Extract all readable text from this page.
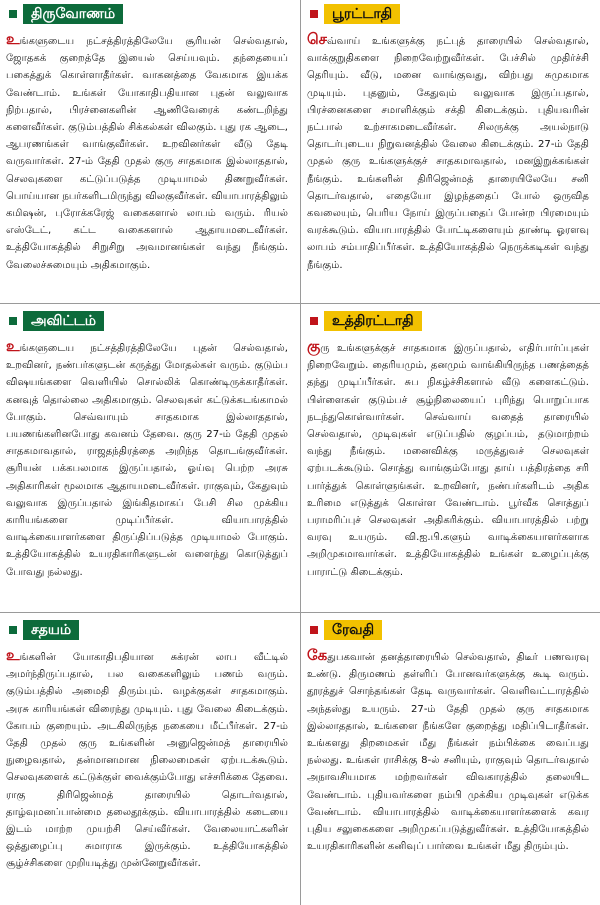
திருவோணம்

உங்களுடைய நட்சத்திரத்திலேயே சூரியன் செல்வதால், ஜோதகக் குறைத்தே இயைல் செய்யவும். தந்தையைப் பகைத்துக் கொள்ளாதீர்கள். வாகனத்தை வேகமாக இயக்க வேண்டாம். உங்கள் யோகாதிபதியான புதன் வலுவாக நிற்பதால், பிரச்னைகளின் ஆணிவேரைக் கண்டறிந்து களைவீர்கள். குடும்பத்தில் சிக்கல்கள் விலகும். புது ரக ஆடை, ஆபரணங்கள் வாங்குவீர்கள். உறவினர்கள் வீடு தேடி வருவார்கள். 27-ம் தேதி முதல் குரு சாதகமாக இல்லாததால், செலவுகளை கட்டுப்படுத்த முடியாமல் திணறுவீர்கள். பொய்யான நபர்களிடமிருந்து விலகுவீர்கள். வியாபாரத்திலும் கமிஷன், புரோக்கரேஜ் வகைகளால் லாபம் வரும். ரியல் எஸ்டேட், கட்ட வகைகளால் ஆதாயமடைவீர்கள். உத்தியோகத்தில் சிறுசிறு அவமானங்கள் வந்து நீங்கும். வேலைச்சுமையும் அதிகமாகும்.

பூரட்டாதி

செவ்வாய் உங்களுக்கு நட்புத் தாரையில் செல்வதால், வாக்குறுதிகளை நிறைவேற்றுவீர்கள். பேச்சில் முதிர்ச்சி தெரியும். வீடு, மனை வாங்குவது, விற்பது சுமுகமாக முடியும். புதனும், கேதுவும் வலுவாக இருப்பதால், பிரச்னைகளை சமாளிக்கும் சக்தி கிடைக்கும். புதியவரின் நட்பால் உற்சாகமடைவீர்கள். சிலருக்கு அயல்நாடு தொடர்புடைய நிறுவனத்தில் வேலை கிடைக்கும். 27-ம் தேதி முதல் குரு உங்களுக்குச் சாதகமாவதால், மனஇறுக்கங்கள் நீங்கும். உங்களின் திரிஜென்மத் தாரையிலேயே சனி தொடர்வதால், எதையோ இழந்ததைப் போல் ஒருவித கவலையும், பெரிய நோய் இருப்பதைப் போன்ற பிரமையும் வரக்கூடும். வியாபாரத்தில் போட்டிகளையும் தாண்டி ஓரளவு லாபம் சம்பாதிப்பீர்கள். உத்தியோகத்தில் நெருக்கடிகள் வந்து நீங்கும்.

அவிட்டம்

உங்களுடைய நட்சத்திரத்திலேயே புதன் செல்வதால், உறவினர், நண்பர்களுடன் கருத்து மோதல்கள் வரும். குடும்ப விஷயங்களை வெளியில் சொல்லிக் கொண்டிருக்காதீர்கள். கனவுத் தொல்லை அதிகமாகும். செலவுகள் கட்டுக்கடங்காமல் போகும். செவ்வாயும் சாதகமாக இல்லாததால், பயணங்களினபோது கவனம் தேவை. குரு 27-ம் தேதி முதல் சாதகமாவதால், ராஜதந்திரத்தை அறிந்த தொடங்குவீர்கள். சூரியன் பக்கபலமாக இருப்பதால், ஓய்வு பெற்ற அரசு அதிகாரிகள் மூலமாக ஆதாயமடைவீர்கள். ராகுவும், கேதுவும் வலுவாக இருப்பதால் இங்கிதமாகப் பேசி சில முக்கிய காரியங்களை முடிப்பீர்கள். வியாபாரத்தில் வாடிக்கையாளர்களை திருப்திப்படுத்த முடியாமல் போகும். உத்தியோகத்தில் உயரதிகாரிகளுடன் வளைந்து கொடுத்துப் போவது நல்லது.

உத்திரட்டாதி

குரு உங்களுக்குச் சாதகமாக இருப்பதால், எதிர்பார்ப்புகள் நிறைவேறும். தைரியமும், தனமும் வாங்கியிருந்த பணத்தைத் தந்து முடிப்பீர்கள். சுப நிகழ்ச்சிகளால் வீடு களைகட்டும். பிள்ளைகள் குடும்பச் சூழ்நிலையைப் புரிந்து பொறுப்பாக நடந்துகொள்வார்கள். செவ்வாய் வதைத் தாரையில் செல்வதால், முடிவுகள் எடுப்பதில் குழப்பம், தடுமாற்றம் வந்து நீங்கும். மனைவிக்கு மருத்துவச் செலவுகள் ஏற்படக்கூடும். சொத்து வாங்கும்போது தாய் பத்திரத்தை சரி பார்த்துக் கொள்ளுங்கள். உறவினர், நண்பர்களிடம் அதிக உரிமை எடுத்துக் கொள்ள வேண்டாம். பூர்வீக சொத்துப் பராமரிப்புச் செலவுகள் அதிகரிக்கும். வியாபாரத்தில் பற்று வரவு உயரும். வி.ஐ.பி.களும் வாடிக்கையாளர்களாக அறிமுகமாவார்கள். உத்தியோகத்தில் உங்கள் உழைப்புக்கு பாராட்டு கிடைக்கும்.

சதயம்

உங்களின் யோகாதிபதியான சுக்ரன் லாப வீட்டில் அமர்ந்திருப்பதால், பல வகைகளிலும் பணம் வரும். குடும்பத்தில் அமைதி திரும்பும். வழக்குகள் சாதகமாகும். அரசு காரியங்கள் விரைந்து முடியும். புது வேலை கிடைக்கும். கோபம் குறையும். அடகிலிருந்த நகையை மீட்பீர்கள். 27-ம் தேதி முதல் குரு உங்களின் அனுஜென்மத் தாரையில் நுழைவதால், தன்மானமான நிலைமைகள் ஏற்படக்கூடும். செலவுகளைக் கட்டுக்குள் வைக்கும்போது எச்சரிக்கை தேவை. ராகு திரிஜென்மத் தாரையில் தொடர்வதால், தாழ்வுமனப்பான்மை தலைதூக்கும். வியாபாரத்தில் கடையை இடம் மாற்ற முயற்சி செய்வீர்கள். வேலையாட்களின் ஒத்துழைப்பு சுமாராக இருக்கும். உத்தியோகத்தில் சூழ்ச்சிகளை முறியடித்து முன்னேறுவீர்கள்.

ரேவதி

கேதுபகவான் தனத்தாரையில் செல்வதால், திடீர் பணவரவு உண்டு. திருமணம் தள்ளிப் போனவர்களுக்கு கூடி வரும். தூரத்துச் சொந்தங்கள் தேடி வருவார்கள். வெளிவட்டாரத்தில் அந்தஸ்து உயரும். 27-ம் தேதி முதல் குரு சாதகமாக இல்லாததால், உங்களை நீங்களே குறைத்து மதிப்பிடாதீர்கள். உங்களது திறமைகள் மீது நீங்கள் நம்பிக்கை வைப்பது நல்லது. உங்கள் ராசிக்கு 8-ல் சனியும், ராகுவும் தொடர்வதால் அநாவசியமாக மற்றவர்கள் விவகாரத்தில் தலையிட வேண்டாம். புதியவர்களை நம்பி முக்கிய முடிவுகள் எடுக்க வேண்டாம். வியாபாரத்தில் வாடிக்கையாளர்களைக் கவர புதிய சலுகைகளை அறிமுகப்படுத்துவீர்கள். உத்தியோகத்தில் உயரதிகாரிகளின் கனிவுப் பார்வை உங்கள் மீது திரும்பும்.
